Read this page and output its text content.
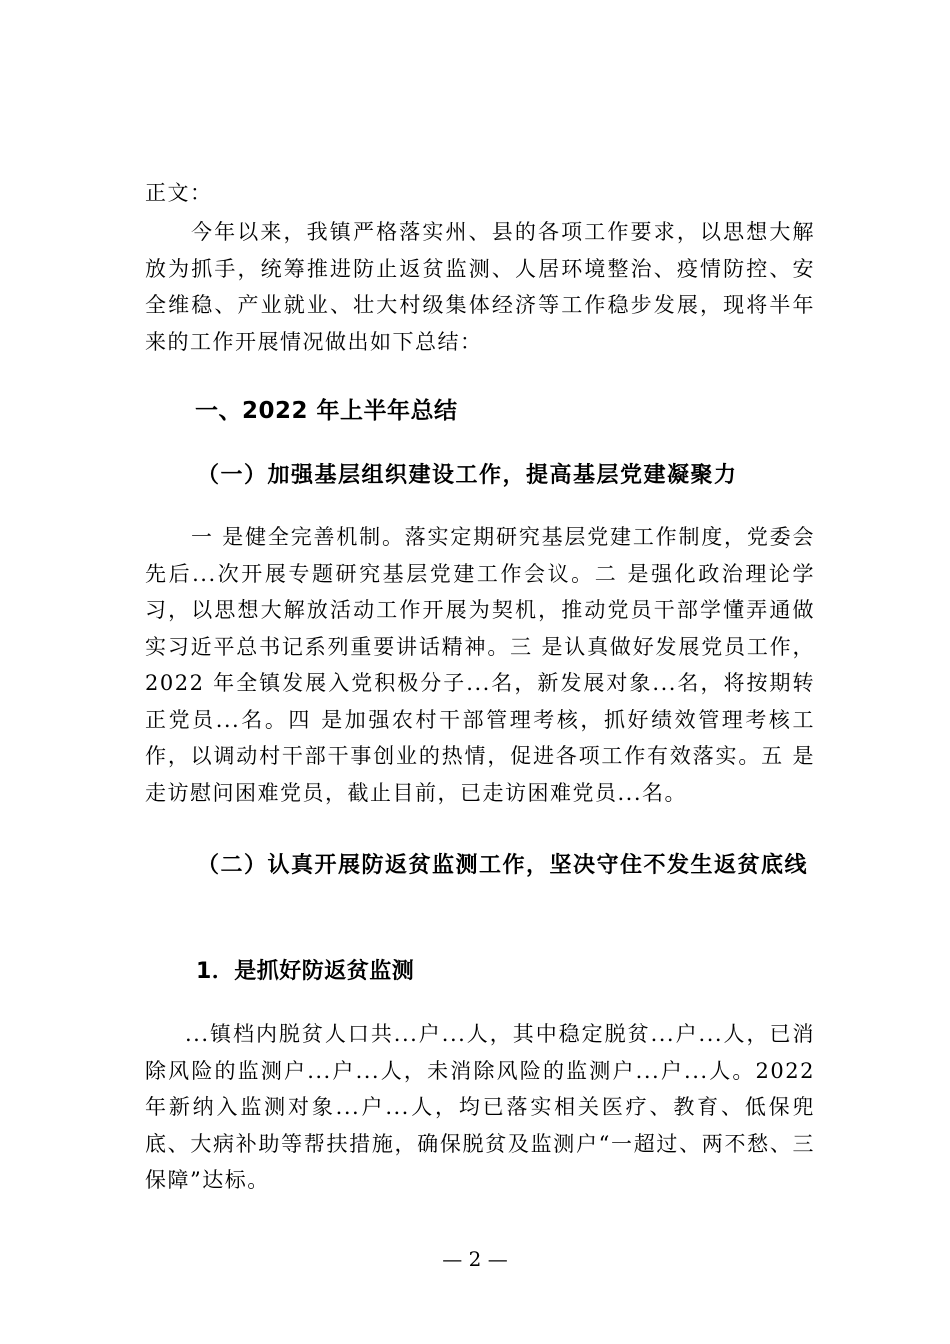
正文：

今年以来，我镇严格落实州、县的各项工作要求，以思想大解放为抓手，统筹推进防止返贫监测、人居环境整治、疫情防控、安全维稳、产业就业、壮大村级集体经济等工作稳步发展，现将半年来的工作开展情况做出如下总结：

一、2022 年上半年总结
（一）加强基层组织建设工作，提高基层党建凝聚力

一 是健全完善机制。落实定期研究基层党建工作制度，党委会先后...次开展专题研究基层党建工作会议。二 是强化政治理论学习，以思想大解放活动工作开展为契机，推动党员干部学懂弄通做实习近平总书记系列重要讲话精神。三 是认真做好发展党员工作，2022 年全镇发展入党积极分子...名，新发展对象...名，将按期转正党员...名。四 是加强农村干部管理考核，抓好绩效管理考核工作，以调动村干部干事创业的热情，促进各项工作有效落实。五 是走访慰问困难党员，截止目前，已走访困难党员...名。

（二）认真开展防返贫监测工作，坚决守住不发生返贫底线
1．是抓好防返贫监测

...镇档内脱贫人口共...户...人，其中稳定脱贫...户...人，已消除风险的监测户...户...人，未消除风险的监测户...户...人。2022 年新纳入监测对象...户...人，均已落实相关医疗、教育、低保兜底、大病补助等帮扶措施，确保脱贫及监测户“一超过、两不愁、三保障”达标。

— 2 —
